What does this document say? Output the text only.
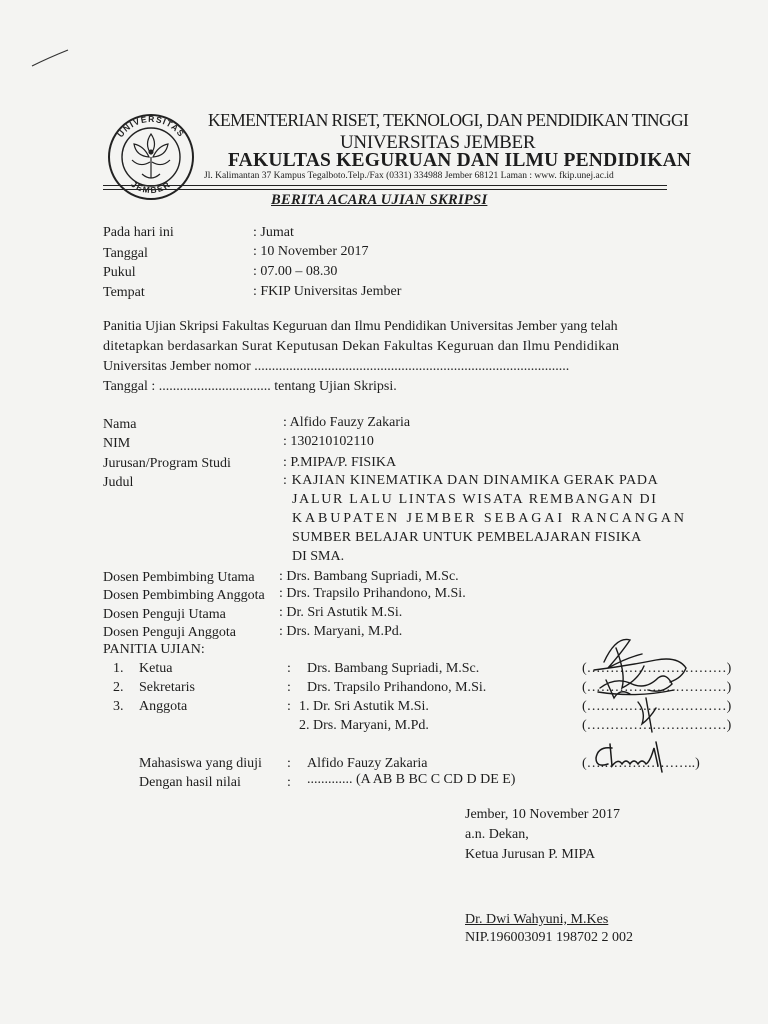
UNIVERSITAS
JEMBER
KEMENTERIAN RISET, TEKNOLOGI, DAN PENDIDIKAN TINGGI
UNIVERSITAS JEMBER
FAKULTAS KEGURUAN DAN ILMU PENDIDIKAN
Jl. Kalimantan 37 Kampus Tegalboto.Telp./Fax (0331) 334988 Jember 68121 Laman : www. fkip.unej.ac.id
BERITA ACARA UJIAN SKRIPSI
Pada hari ini	: Jumat
Tanggal	: 10 November 2017
Pukul	: 07.00 – 08.30
Tempat	: FKIP Universitas Jember
Panitia Ujian Skripsi Fakultas Keguruan dan Ilmu Pendidikan Universitas Jember yang telah
ditetapkan berdasarkan Surat Keputusan Dekan Fakultas Keguruan dan Ilmu Pendidikan
Universitas Jember nomor ..........................................................................................
Tanggal : ................................ tentang Ujian Skripsi.
Nama	: Alfido Fauzy Zakaria
NIM	: 130210102110
Jurusan/Program Studi	: P.MIPA/P. FISIKA
Judul	: KAJIAN KINEMATIKA DAN DINAMIKA GERAK PADA
JALUR LALU LINTAS WISATA REMBANGAN DI
KABUPATEN JEMBER SEBAGAI RANCANGAN
SUMBER BELAJAR UNTUK PEMBELAJARAN FISIKA
DI SMA.
Dosen Pembimbing Utama : Drs. Bambang Supriadi, M.Sc.
Dosen Pembimbing Anggota : Drs. Trapsilo Prihandono, M.Si.
Dosen Penguji Utama	: Dr. Sri Astutik M.Si.
Dosen Penguji Anggota	: Drs. Maryani, M.Pd.
PANITIA UJIAN:
1. Ketua	: Drs. Bambang Supriadi, M.Sc.	(…………………………)
2. Sekretaris	: Drs. Trapsilo Prihandono, M.Si.	(…………………………)
3. Anggota	: 1. Dr. Sri Astutik M.Si.	(…………………………)
2. Drs. Maryani, M.Pd.	(…………………………)
Mahasiswa yang diuji : Alfido Fauzy Zakaria	(….………………..)
Dengan hasil nilai	: ............. (A AB B BC C CD D DE E)
Jember, 10 November 2017
a.n. Dekan,
Ketua Jurusan P. MIPA
Dr. Dwi Wahyuni, M.Kes
NIP.196003091 198702 2 002
